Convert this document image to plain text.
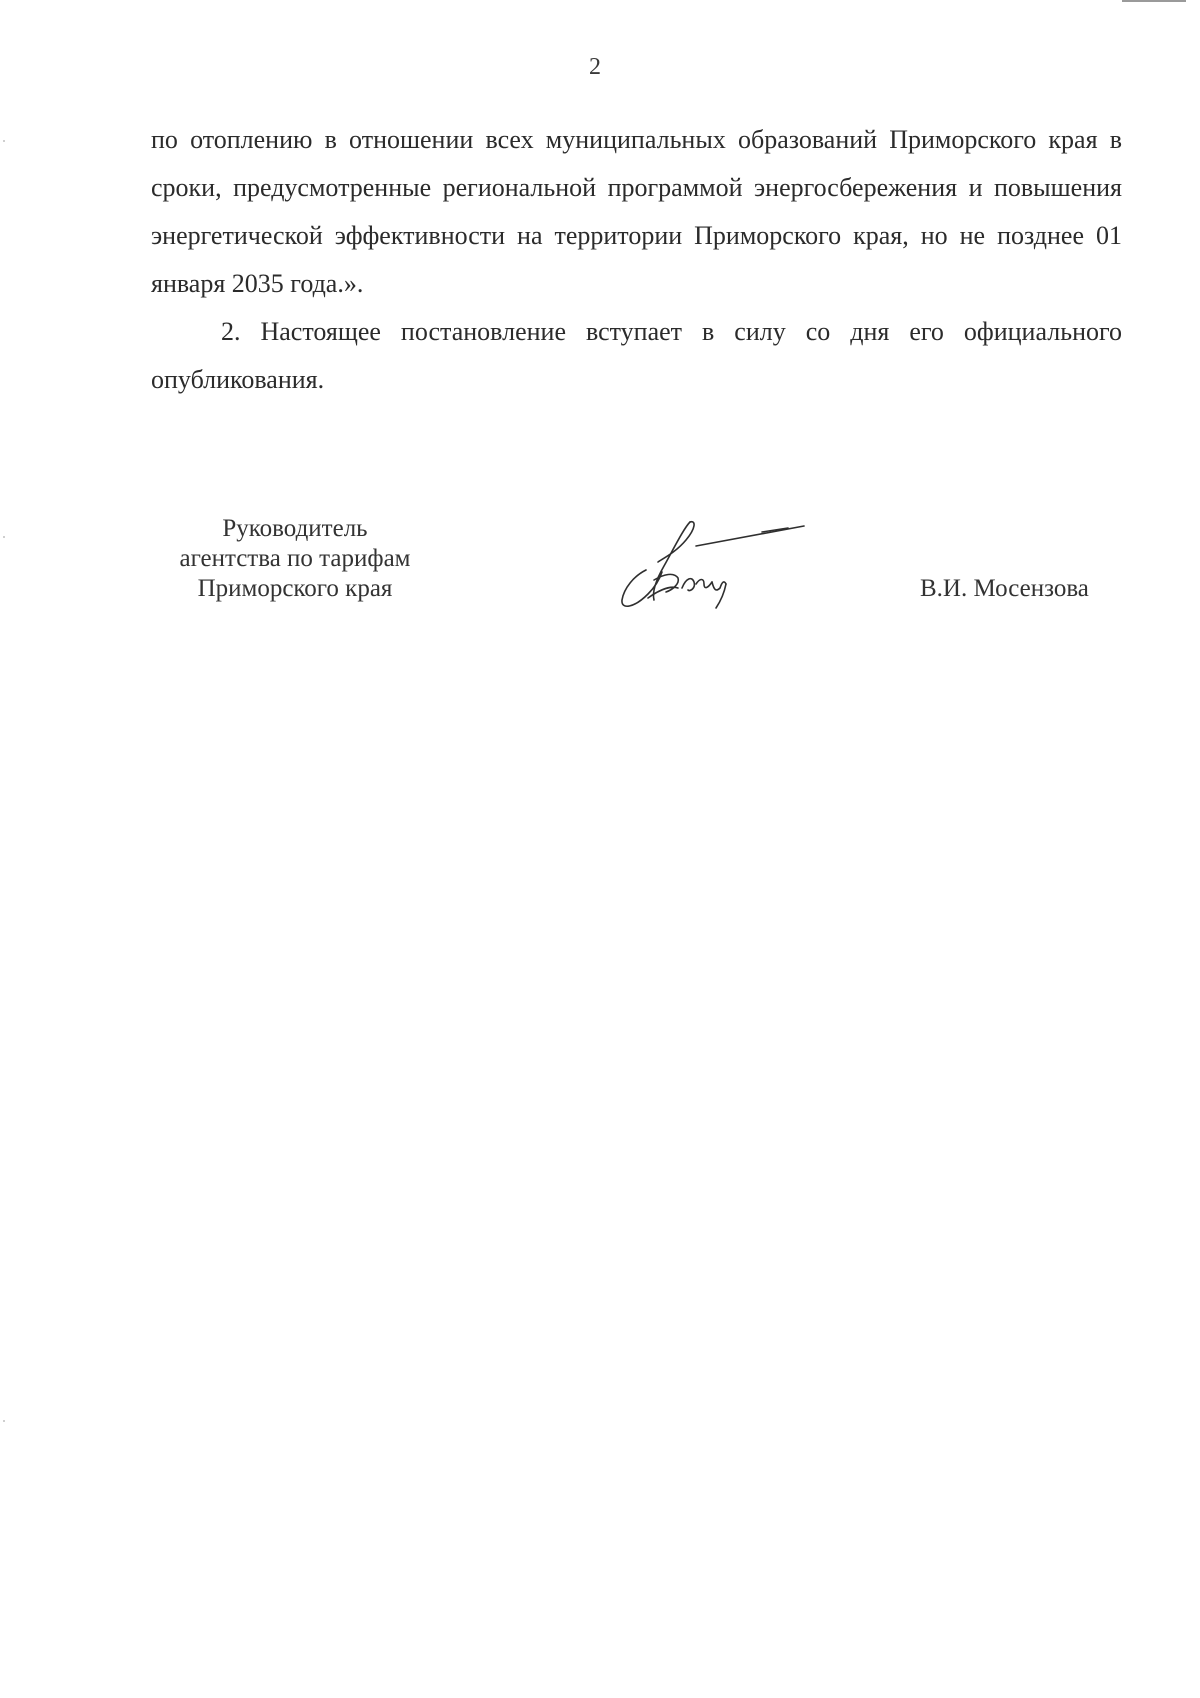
2

по отоплению в отношении всех муниципальных образований Приморского края в сроки, предусмотренные региональной программой энергосбережения и повышения энергетической эффективности на территории Приморского края, но не позднее 01 января 2035 года.».

2. Настоящее постановление вступает в силу со дня его официального опубликования.

Руководитель
агентства по тарифам
Приморского края	В.И. Мосензова
